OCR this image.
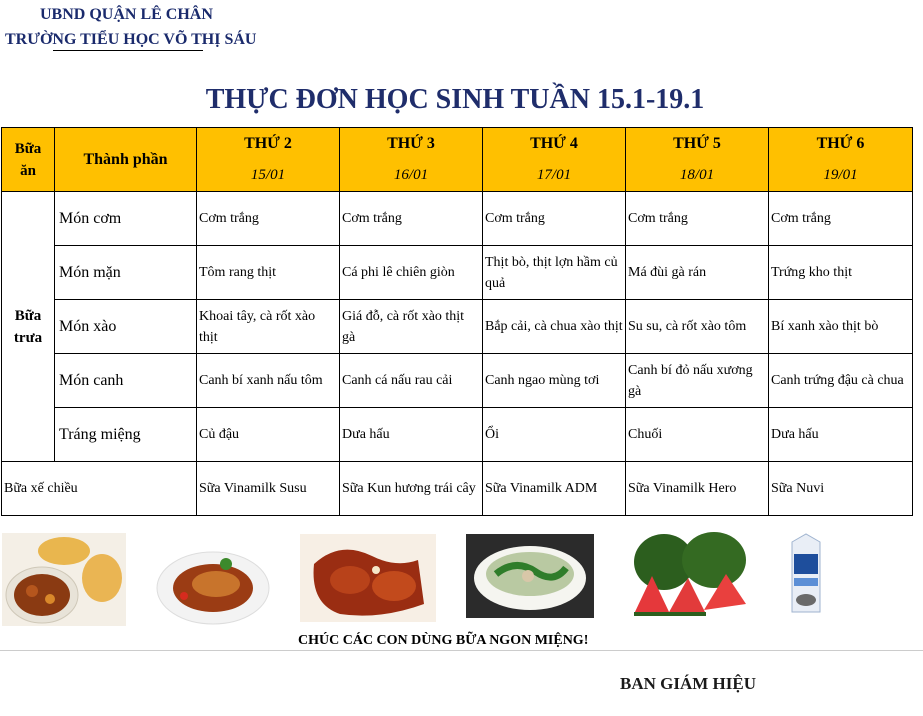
UBND QUẬN LÊ CHÂN
TRƯỜNG TIỂU HỌC VÕ THỊ SÁU
THỰC ĐƠN HỌC SINH TUẦN 15.1-19.1
Bữa ăn	Thành phần	THỨ 2	THỨ 3	THỨ 4	THỨ 5	THỨ 6
		15/01	16/01	17/01	18/01	19/01
Bữa trưa	Món cơm	Cơm trắng	Cơm trắng	Cơm trắng	Cơm trắng	Cơm trắng
	Món mặn	Tôm rang thịt	Cá phi lê chiên giòn	Thịt bò, thịt lợn hầm củ quả	Má đùi gà rán	Trứng kho thịt
	Món xào	Khoai tây, cà rốt xào thịt	Giá đỗ, cà rốt xào thịt gà	Bắp cải, cà chua xào thịt	Su su, cà rốt xào tôm	Bí xanh xào thịt bò
	Món canh	Canh bí xanh nấu tôm	Canh cá nấu rau cải	Canh ngao mùng tơi	Canh bí đỏ nấu xương gà	Canh trứng đậu cà chua
	Tráng miệng	Củ đậu	Dưa hấu	Ổi	Chuối	Dưa hấu
Bữa xế chiều		Sữa Vinamilk Susu	Sữa Kun hương trái cây	Sữa Vinamilk ADM	Sữa Vinamilk Hero	Sữa Nuvi
CHÚC CÁC CON DÙNG BỮA NGON MIỆNG!
BAN GIÁM HIỆU
